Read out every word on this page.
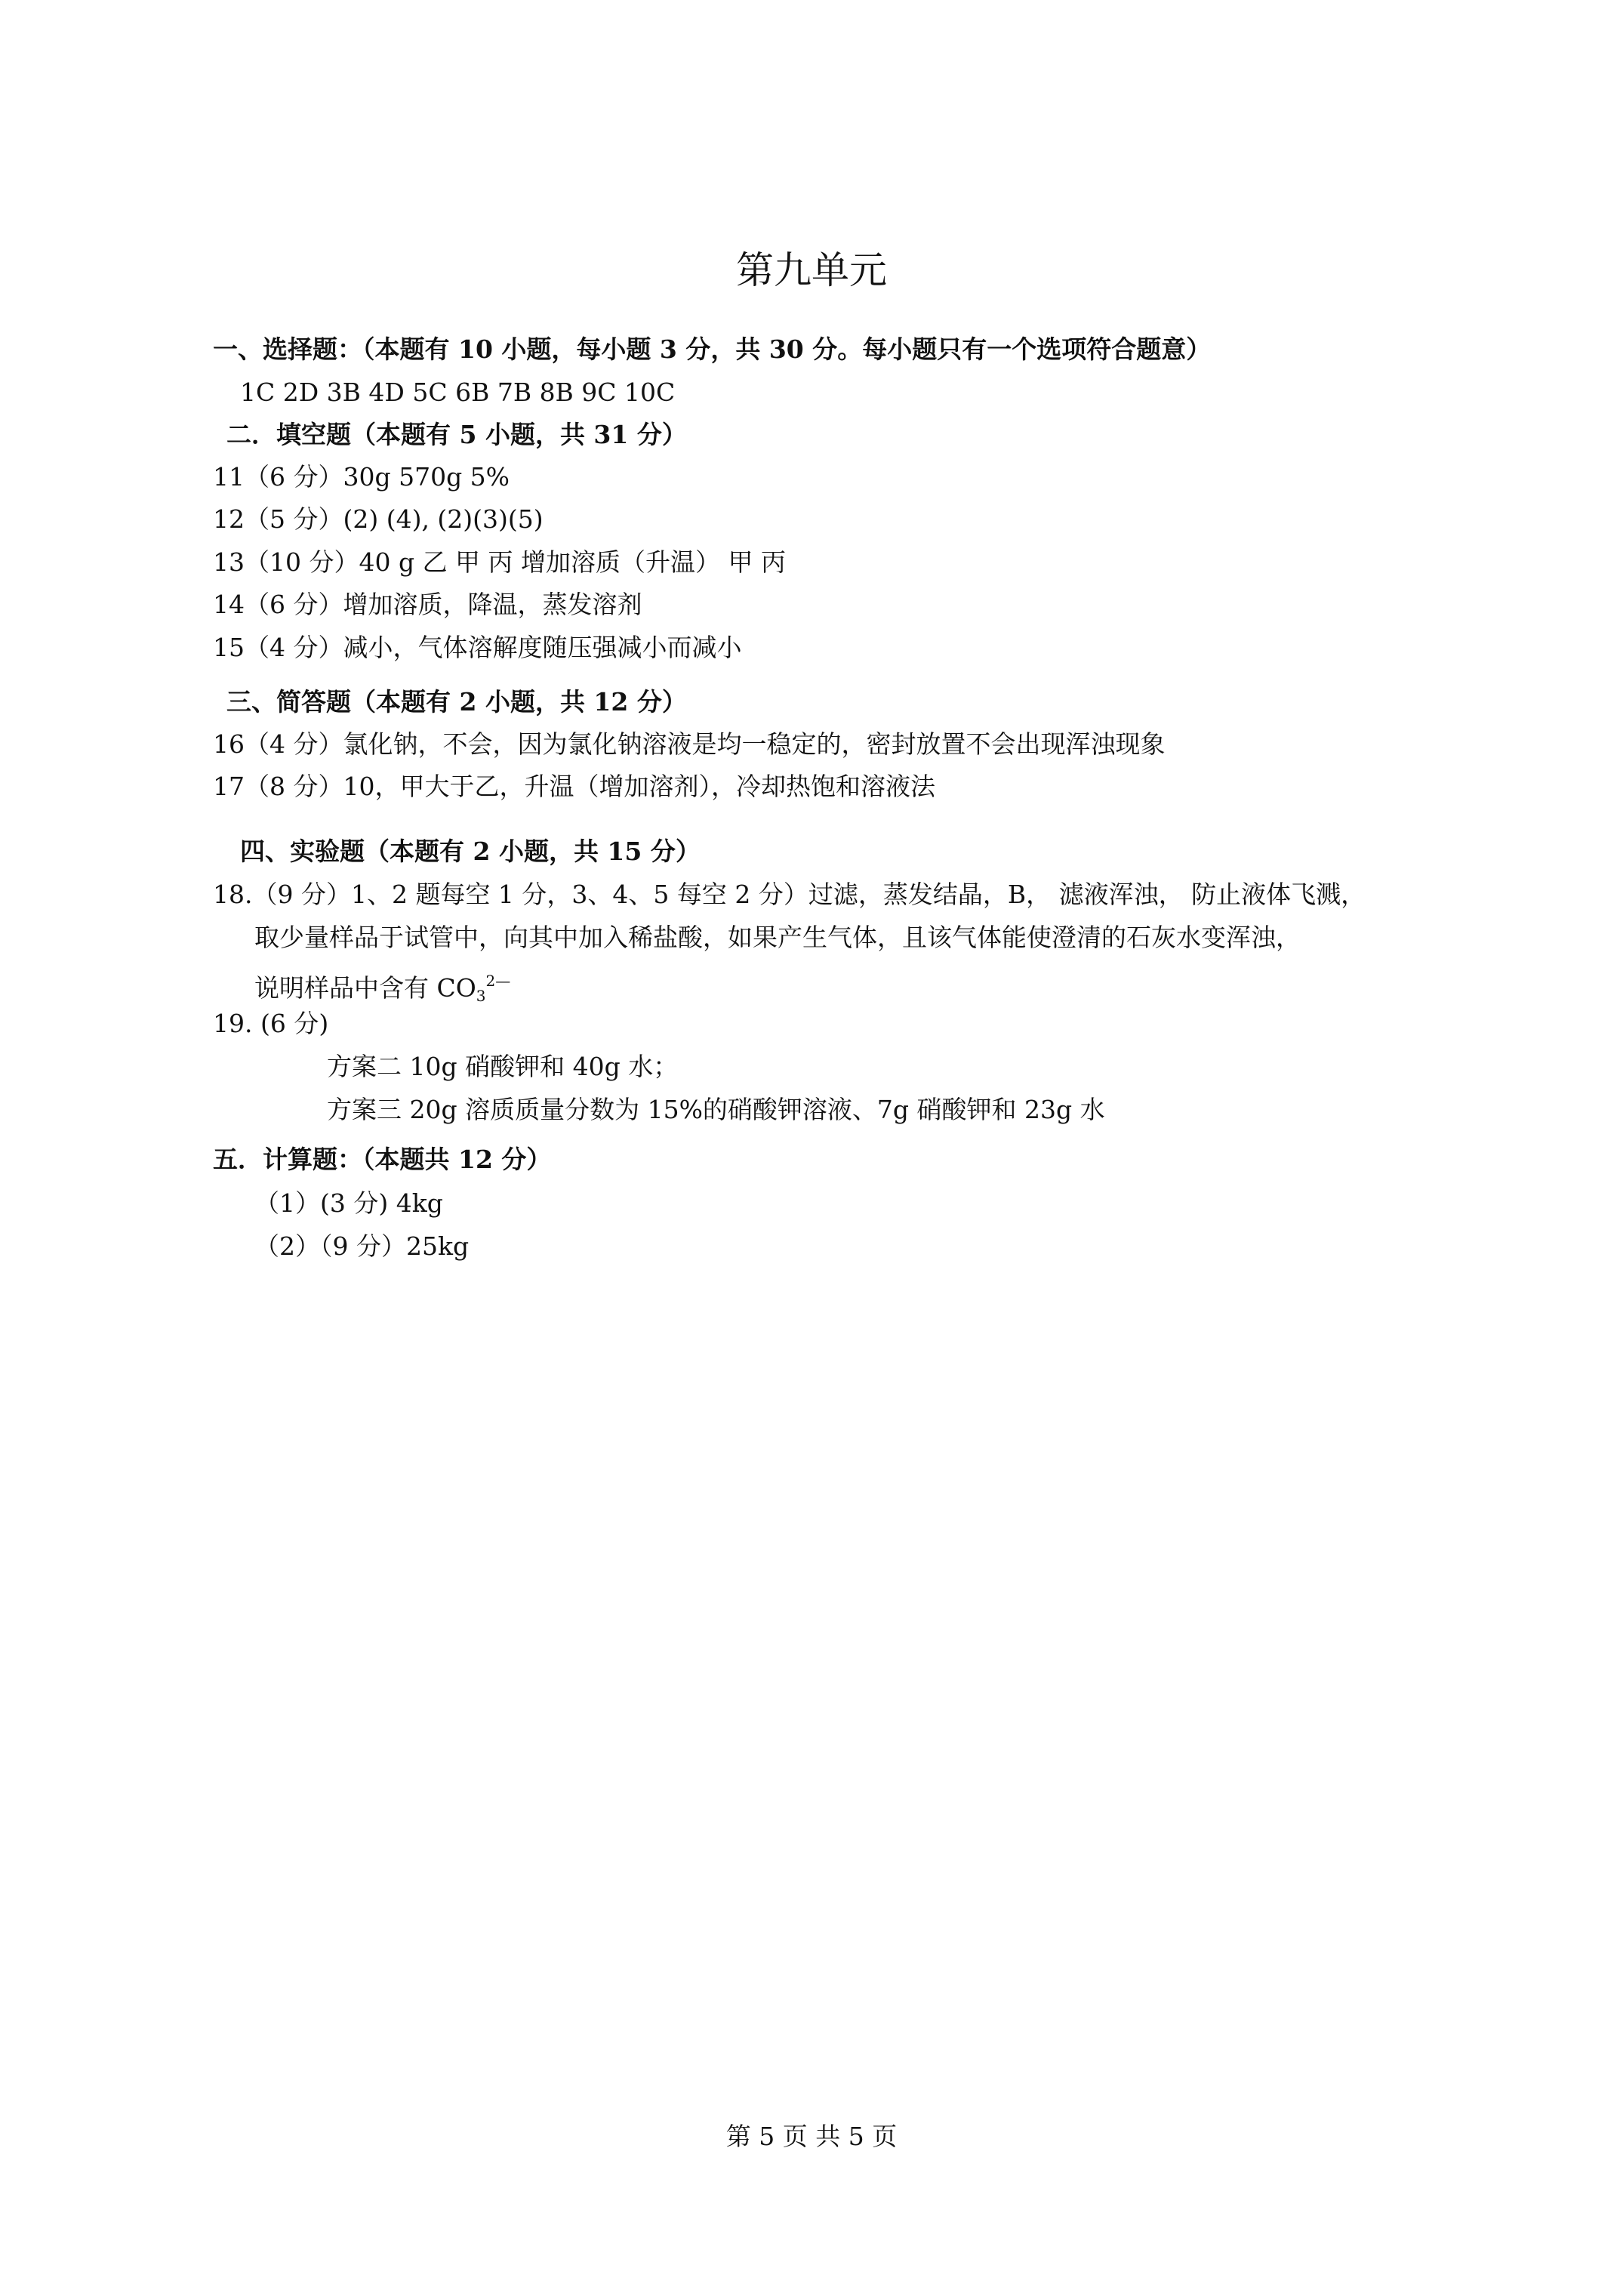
第九单元
一、选择题：（本题有 10 小题，每小题 3 分，共 30 分。每小题只有一个选项符合题意）
1C 2D 3B 4D 5C 6B 7B 8B 9C 10C
二．填空题（本题有 5 小题，共 31 分）
11（6 分）30g 570g 5%
12（5 分）(2) (4), (2)(3)(5)
13（10 分）40 g 乙 甲 丙 增加溶质（升温） 甲 丙
14（6 分）增加溶质，降温，蒸发溶剂
15（4 分）减小，气体溶解度随压强减小而减小
三、简答题（本题有 2 小题，共 12 分）
16（4 分）氯化钠，不会，因为氯化钠溶液是均一稳定的，密封放置不会出现浑浊现象
17（8 分）10，甲大于乙，升温（增加溶剂），冷却热饱和溶液法
四、实验题（本题有 2 小题，共 15 分）
18.（9 分）1、2 题每空 1 分，3、4、5 每空 2 分）过滤，蒸发结晶，B， 滤液浑浊， 防止液体飞溅，
取少量样品于试管中，向其中加入稀盐酸，如果产生气体，且该气体能使澄清的石灰水变浑浊，
说明样品中含有 $CO_3^{2—}$
19. (6 分)
方案二 10g 硝酸钾和 40g 水；
方案三 20g 溶质质量分数为 15%的硝酸钾溶液、7g 硝酸钾和 23g 水
五．计算题：（本题共 12 分）
（1）(3 分) 4kg
（2）（9 分）25kg
第 5 页 共 5 页
